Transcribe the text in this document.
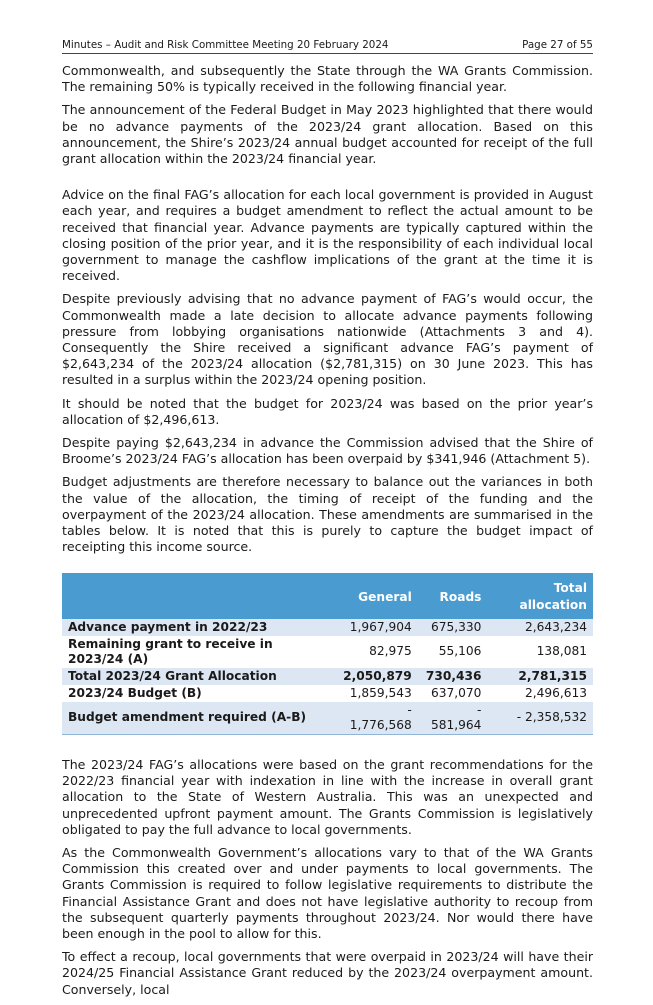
Minutes – Audit and Risk Committee Meeting 20 February 2024	Page 27 of 55

Commonwealth, and subsequently the State through the WA Grants Commission. The remaining 50% is typically received in the following financial year.

The announcement of the Federal Budget in May 2023 highlighted that there would be no advance payments of the 2023/24 grant allocation. Based on this announcement, the Shire’s 2023/24 annual budget accounted for receipt of the full grant allocation within the 2023/24 financial year.

Advice on the final FAG’s allocation for each local government is provided in August each year, and requires a budget amendment to reflect the actual amount to be received that financial year. Advance payments are typically captured within the closing position of the prior year, and it is the responsibility of each individual local government to manage the cashflow implications of the grant at the time it is received.

Despite previously advising that no advance payment of FAG’s would occur, the Commonwealth made a late decision to allocate advance payments following pressure from lobbying organisations nationwide (Attachments 3 and 4). Consequently the Shire received a significant advance FAG’s payment of $2,643,234 of the 2023/24 allocation ($2,781,315) on 30 June 2023. This has resulted in a surplus within the 2023/24 opening position.

It should be noted that the budget for 2023/24 was based on the prior year’s allocation of $2,496,613.

Despite paying $2,643,234 in advance the Commission advised that the Shire of Broome’s 2023/24 FAG’s allocation has been overpaid by $341,946 (Attachment 5).

Budget adjustments are therefore necessary to balance out the variances in both the value of the allocation, the timing of receipt of the funding and the overpayment of the 2023/24 allocation. These amendments are summarised in the tables below. It is noted that this is purely to capture the budget impact of receipting this income source.

	General	Roads	Total allocation
Advance payment in 2022/23	1,967,904	675,330	2,643,234
Remaining grant to receive in 2023/24 (A)	82,975	55,106	138,081
Total 2023/24 Grant Allocation	2,050,879	730,436	2,781,315
2023/24 Budget (B)	1,859,543	637,070	2,496,613
Budget amendment required (A-B)	- 1,776,568	- 581,964	- 2,358,532

The 2023/24 FAG’s allocations were based on the grant recommendations for the 2022/23 financial year with indexation in line with the increase in overall grant allocation to the State of Western Australia. This was an unexpected and unprecedented upfront payment amount. The Grants Commission is legislatively obligated to pay the full advance to local governments.

As the Commonwealth Government’s allocations vary to that of the WA Grants Commission this created over and under payments to local governments. The Grants Commission is required to follow legislative requirements to distribute the Financial Assistance Grant and does not have legislative authority to recoup from the subsequent quarterly payments throughout 2023/24. Nor would there have been enough in the pool to allow for this.

To effect a recoup, local governments that were overpaid in 2023/24 will have their 2024/25 Financial Assistance Grant reduced by the 2023/24 overpayment amount. Conversely, local
